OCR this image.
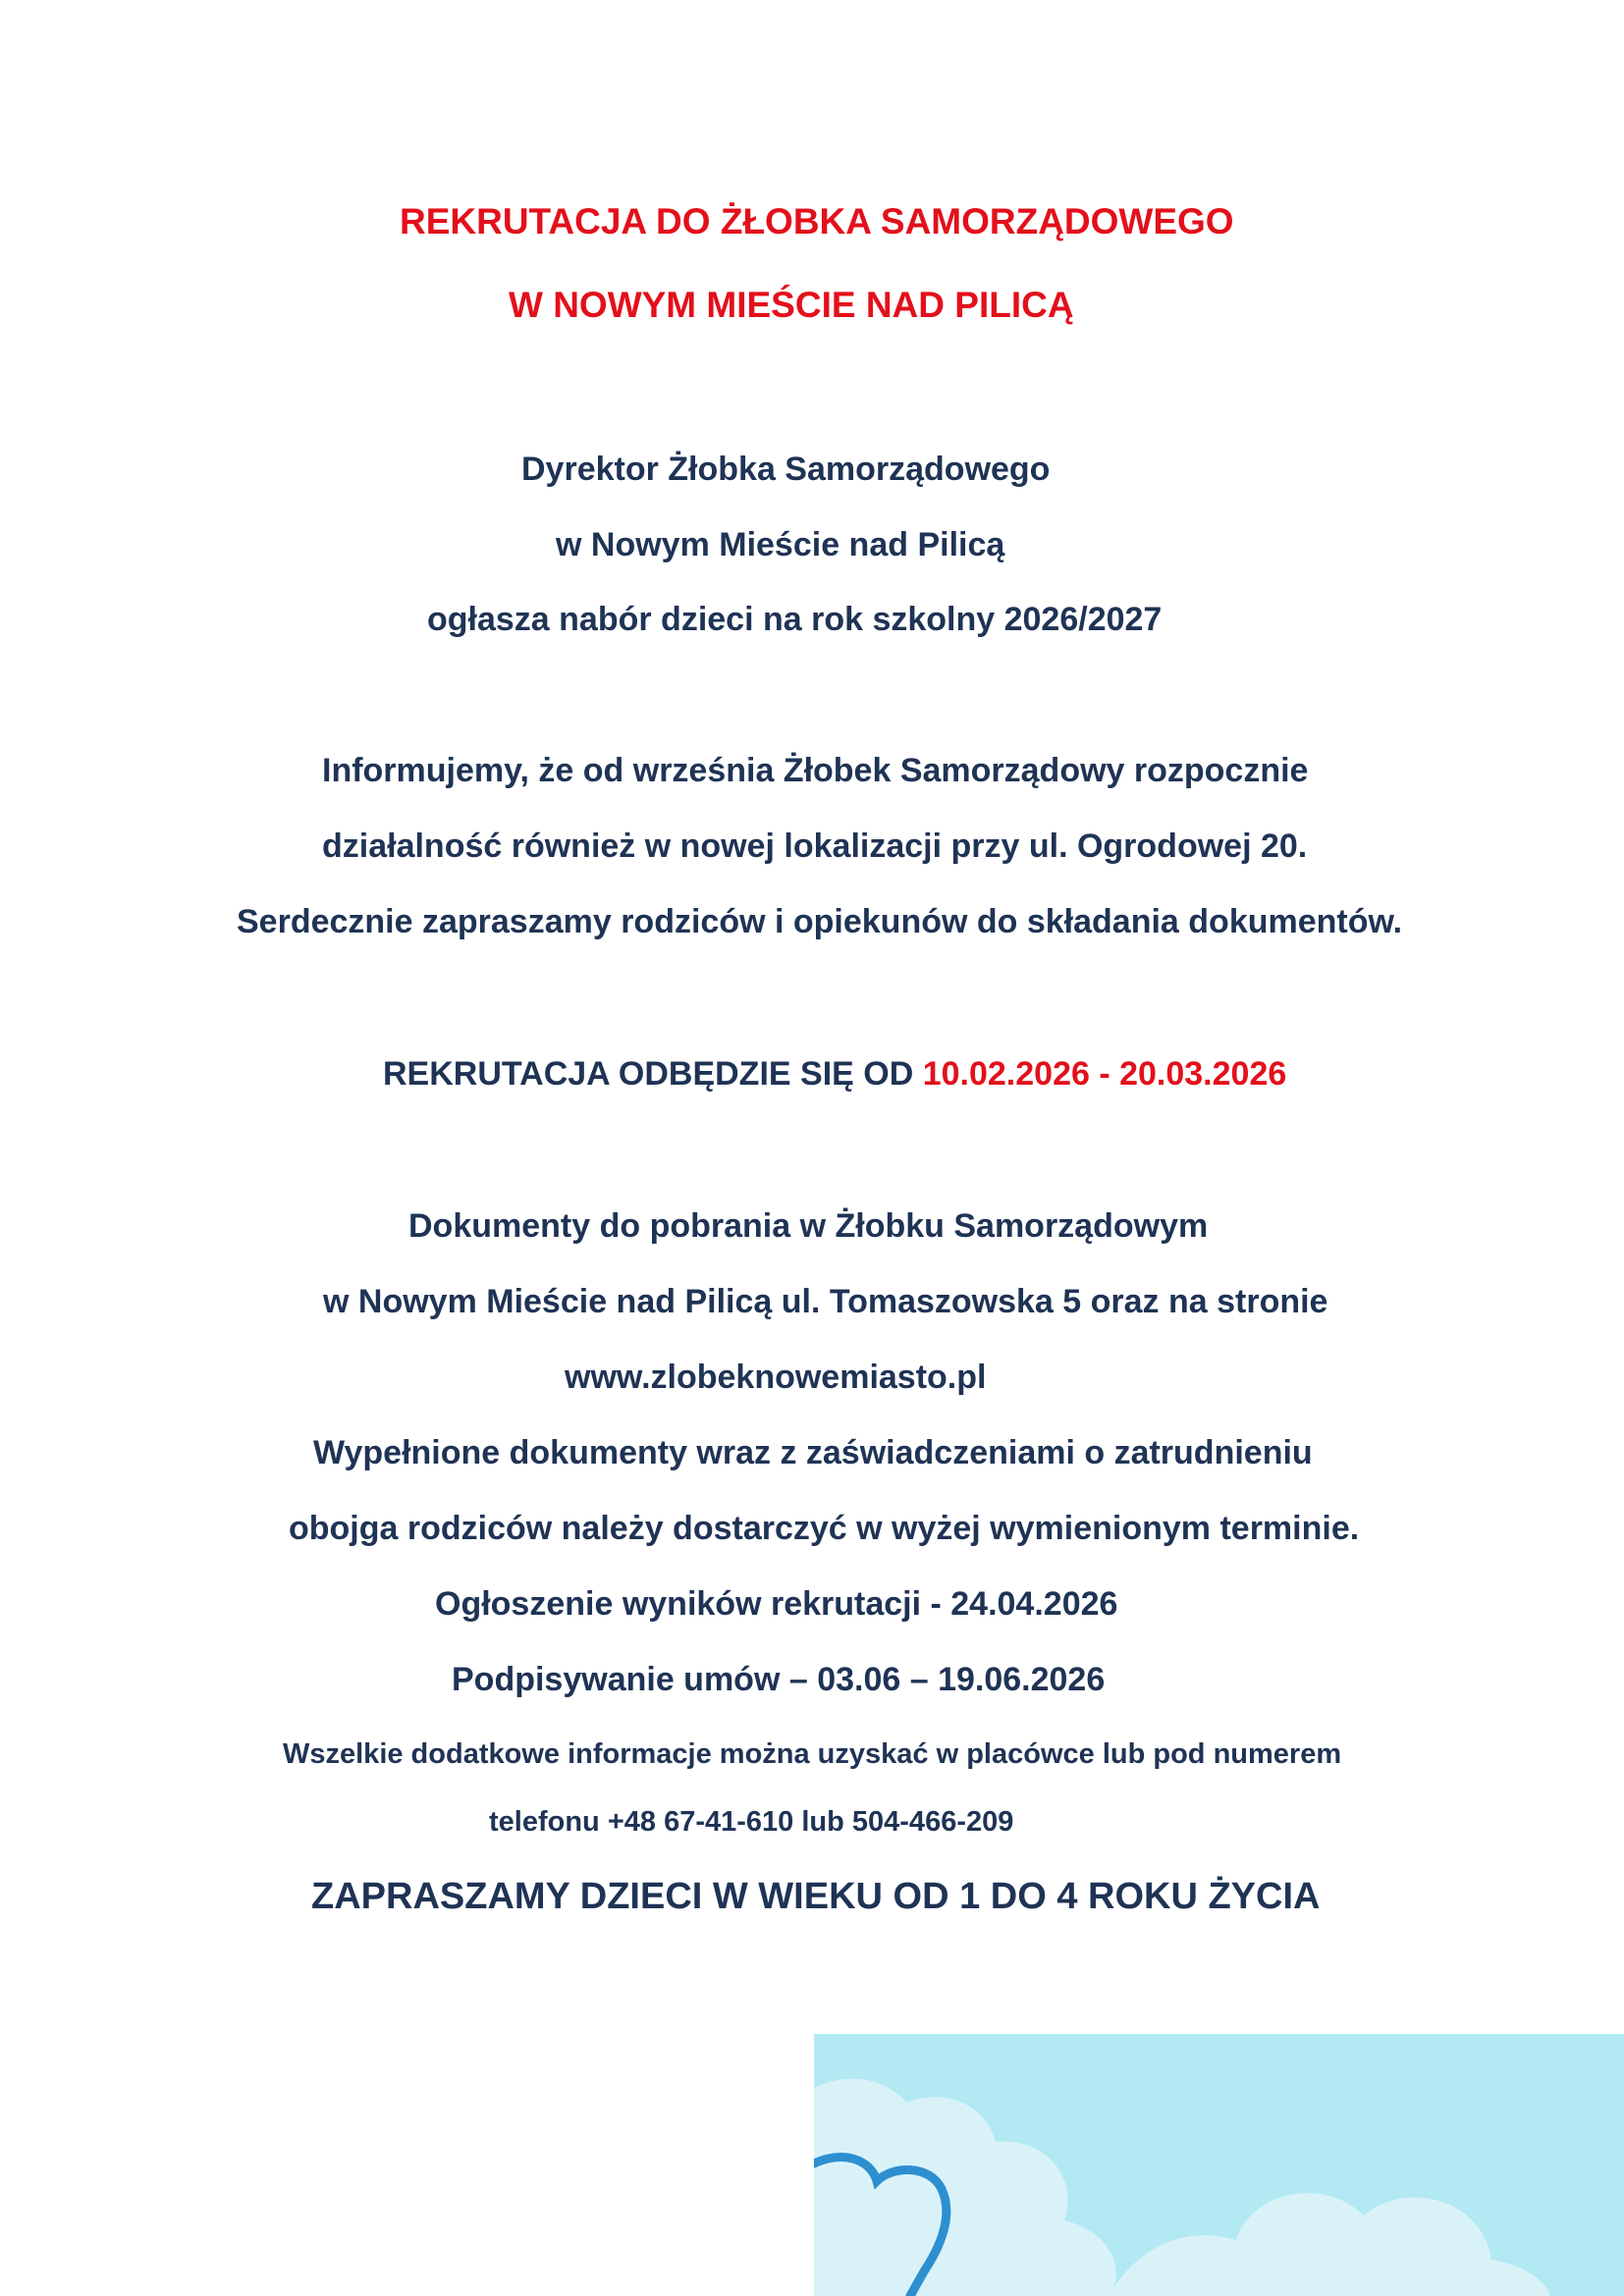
REKRUTACJA DO ŻŁOBKA SAMORZĄDOWEGO

W NOWYM MIEŚCIE NAD PILICĄ

Dyrektor Żłobka Samorządowego

w Nowym Mieście nad Pilicą

ogłasza nabór dzieci na rok szkolny 2026/2027

Informujemy, że od września Żłobek Samorządowy rozpocznie

działalność również w nowej lokalizacji przy ul. Ogrodowej 20.

Serdecznie zapraszamy rodziców i opiekunów do składania dokumentów.

REKRUTACJA ODBĘDZIE SIĘ OD 10.02.2026 - 20.03.2026

Dokumenty do pobrania w Żłobku Samorządowym

w Nowym Mieście nad Pilicą ul. Tomaszowska 5 oraz na stronie

www.zlobeknowemiasto.pl

Wypełnione dokumenty wraz z zaświadczeniami o zatrudnieniu

obojga rodziców należy dostarczyć w wyżej wymienionym terminie.

Ogłoszenie wyników rekrutacji - 24.04.2026

Podpisywanie umów – 03.06 – 19.06.2026

Wszelkie dodatkowe informacje można uzyskać w placówce lub pod numerem

telefonu +48 67-41-610 lub 504-466-209

ZAPRASZAMY DZIECI W WIEKU OD 1 DO 4 ROKU ŻYCIA
